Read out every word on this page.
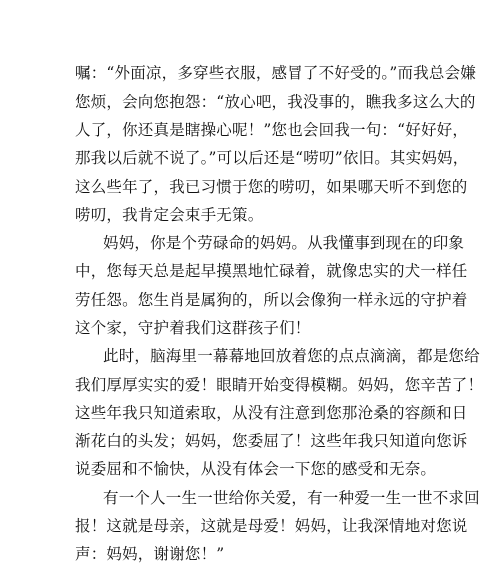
嘱：“外面凉，多穿些衣服，感冒了不好受的。”而我总会嫌
您烦，会向您抱怨：“放心吧，我没事的，瞧我多这么大的
人了，你还真是瞎操心呢！”您也会回我一句：“好好好，
那我以后就不说了。”可以后还是“唠叨”依旧。其实妈妈，
这么些年了，我已习惯于您的唠叨，如果哪天听不到您的
唠叨，我肯定会束手无策。
妈妈，你是个劳碌命的妈妈。从我懂事到现在的印象
中，您每天总是起早摸黑地忙碌着，就像忠实的犬一样任
劳任怨。您生肖是属狗的，所以会像狗一样永远的守护着
这个家，守护着我们这群孩子们！
此时，脑海里一幕幕地回放着您的点点滴滴，都是您给
我们厚厚实实的爱！眼睛开始变得模糊。妈妈，您辛苦了！
这些年我只知道索取，从没有注意到您那沧桑的容颜和日
渐花白的头发；妈妈，您委屈了！这些年我只知道向您诉
说委屈和不愉快，从没有体会一下您的感受和无奈。
有一个人一生一世给你关爱，有一种爱一生一世不求回
报！这就是母亲，这就是母爱！妈妈，让我深情地对您说
声：妈妈，谢谢您！”
